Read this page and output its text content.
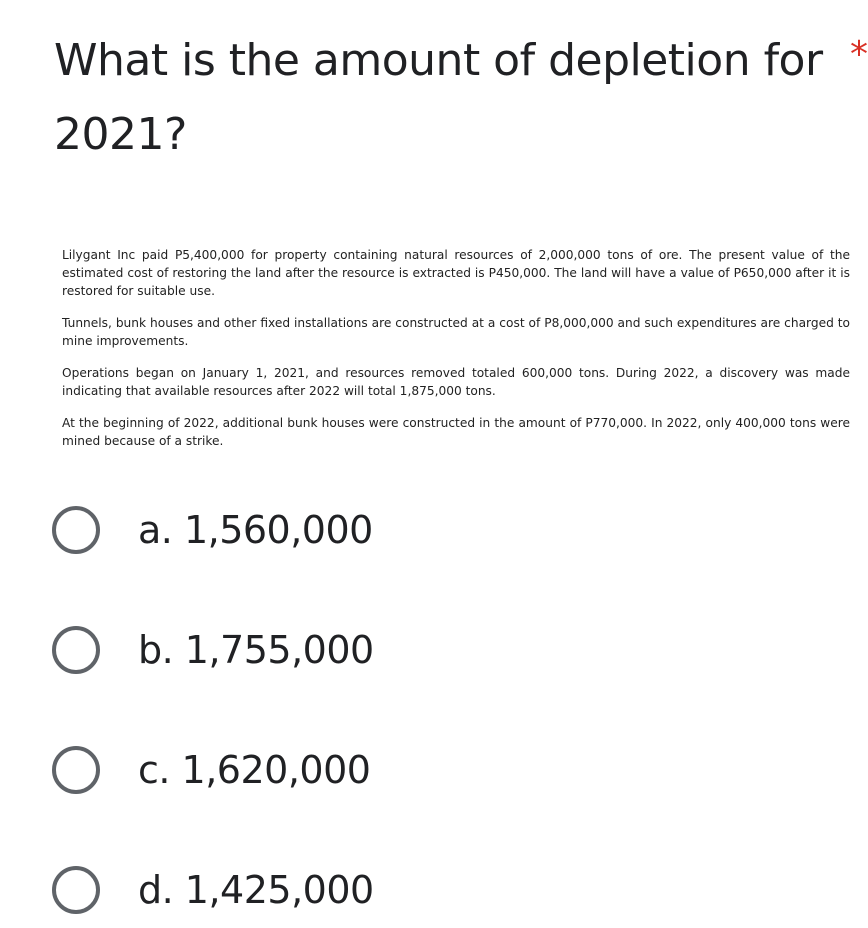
What is the amount of depletion for 2021?
*

Lilygant Inc paid P5,400,000 for property containing natural resources of 2,000,000 tons of ore. The present value of the estimated cost of restoring the land after the resource is extracted is P450,000. The land will have a value of P650,000 after it is restored for suitable use.

Tunnels, bunk houses and other fixed installations are constructed at a cost of P8,000,000 and such expenditures are charged to mine improvements.

Operations began on January 1, 2021, and resources removed totaled 600,000 tons. During 2022, a discovery was made indicating that available resources after 2022 will total 1,875,000 tons.

At the beginning of 2022, additional bunk houses were constructed in the amount of P770,000. In 2022, only 400,000 tons were mined because of a strike.

a. 1,560,000
b. 1,755,000
c. 1,620,000
d. 1,425,000
